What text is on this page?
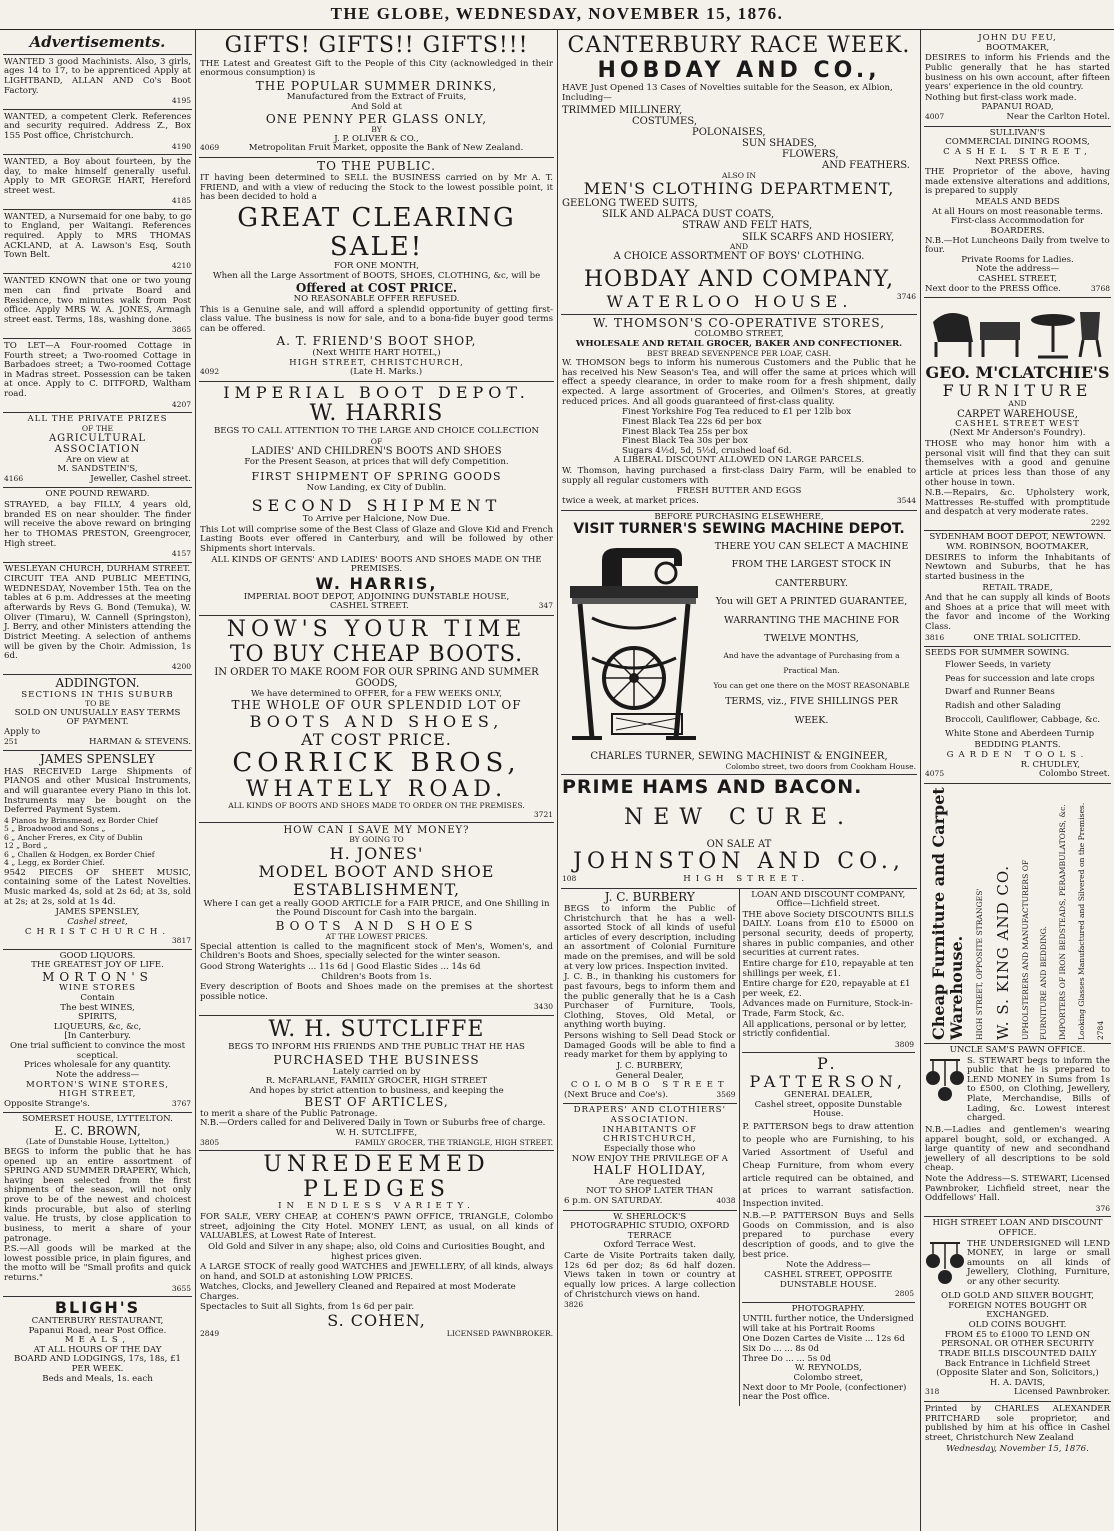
THE GLOBE, WEDNESDAY, NOVEMBER 15, 1876.
Advertisements.

WANTED 3 good Machinists. Also, 3 girls, ages 14 to 17, to be apprenticed Apply at LIGHTBAND, ALLAN AND Co's Boot Factory.

4195

WANTED, a competent Clerk. References and security required. Address Z., Box 155 Post office, Christchurch.

4190

WANTED, a Boy about fourteen, by the day, to make himself generally useful. Apply to MR GEORGE HART, Hereford street west.

4185

WANTED, a Nursemaid for one baby, to go to England, per Waitangi. References required. Apply to MRS THOMAS ACKLAND, at A. Lawson's Esq, South Town Belt.

4210

WANTED KNOWN that one or two young men can find private Board and Residence, two minutes walk from Post office. Apply MRS W. A. JONES, Armagh street east. Terms, 18s, washing done.

3865

TO LET—A Four-roomed Cottage in Fourth street; a Two-roomed Cottage in Barbadoes street; a Two-roomed Cottage in Madras street. Possession can be taken at once. Apply to C. DITFORD, Waltham road.

4207
ALL THE PRIVATE PRIZES
OF THE
AGRICULTURAL ASSOCIATION
Are on view at
M. SANDSTEIN'S,
4166	Jeweller, Cashel street.
ONE POUND REWARD.

STRAYED, a bay FILLY, 4 years old, branded ES on near shoulder. The finder will receive the above reward on bringing her to THOMAS PRESTON, Greengrocer, High street.

4157
WESLEYAN CHURCH, DURHAM STREET.

CIRCUIT TEA AND PUBLIC MEETING, WEDNESDAY, November 15th. Tea on the tables at 6 p.m. Addresses at the meeting afterwards by Revs G. Bond (Temuka), W. Oliver (Timaru), W. Cannell (Springston), J. Berry, and other Ministers attending the District Meeting. A selection of anthems will be given by the Choir. Admission, 1s 6d.

4200
ADDINGTON.
SECTIONS IN THIS SUBURB
TO BE
SOLD ON UNUSUALLY EASY TERMS
OF PAYMENT.
Apply to
251	HARMAN & STEVENS.
JAMES SPENSLEY

HAS RECEIVED Large Shipments of PIANOS and other Musical Instruments, and will guarantee every Piano in this lot. Instruments may be bought on the Deferred Payment System.

4 Pianos by Brinsmead, ex Border Chief
5 „ Broadwood and Sons „
6 „ Ancher Freres, ex City of Dublin
12 „ Bord „
6 „ Challen & Hodgen, ex Border Chief
4 „ Legg, ex Border Chief.

9542 PIECES OF SHEET MUSIC, containing some of the Latest Novelties. Music marked 4s, sold at 2s 6d; at 3s, sold at 2s; at 2s, sold at 1s 4d.

JAMES SPENSLEY,
Cashel street,
CHRISTCHURCH.
3817
GOOD LIQUORS.
THE GREATEST JOY OF LIFE.
MORTON'S
WINE STORES
Contain
The best WINES,
SPIRITS,
LIQUEURS, &c, &c,
[In Canterbury.
One trial sufficient to convince the most sceptical.
Prices wholesale for any quantity.
Note the address—
MORTON'S WINE STORES,
HIGH STREET,
Opposite Strange's.	3767
SOMERSET HOUSE, LYTTELTON.
E. C. BROWN,
(Late of Dunstable House, Lyttelton,)

BEGS to inform the public that he has opened up an entire assortment of SPRING AND SUMMER DRAPERY, Which, having been selected from the first shipments of the season, will not only prove to be of the newest and choicest kinds procurable, but also of sterling value. He trusts, by close application to business, to merit a share of your patronage.

P.S.—All goods will be marked at the lowest possible price, in plain figures, and the motto will be "Small profits and quick returns."

3655
BLIGH'S
CANTERBURY RESTAURANT,
Papanui Road, near Post Office.
MEALS,
AT ALL HOURS OF THE DAY
BOARD AND LODGINGS, 17s, 18s, £1 PER WEEK.
Beds and Meals, 1s. each
GIFTS! GIFTS!! GIFTS!!!

THE Latest and Greatest Gift to the People of this City (acknowledged in their enormous consumption) is

THE POPULAR SUMMER DRINKS,
Manufactured from the Extract of Fruits,
And Sold at
ONE PENNY PER GLASS ONLY,
BY
J. P. OLIVER & CO.,
4069	Metropolitan Fruit Market, opposite the Bank of New Zealand.
TO THE PUBLIC.

IT having been determined to SELL the BUSINESS carried on by Mr A. T. FRIEND, and with a view of reducing the Stock to the lowest possible point, it has been decided to hold a

GREAT CLEARING SALE!
FOR ONE MONTH,
When all the Large Assortment of BOOTS, SHOES, CLOTHING, &c, will be
Offered at COST PRICE.
NO REASONABLE OFFER REFUSED.

This is a Genuine sale, and will afford a splendid opportunity of getting first-class value. The business is now for sale, and to a bona-fide buyer good terms can be offered.

A. T. FRIEND'S BOOT SHOP,
(Next WHITE HART HOTEL,)
HIGH STREET, CHRISTCHURCH,
4092	(Late H. Marks.)
IMPERIAL BOOT DEPOT.
W. HARRIS

BEGS TO CALL ATTENTION TO THE LARGE AND CHOICE COLLECTION

OF
LADIES' AND CHILDREN'S BOOTS AND SHOES
For the Present Season, at prices that will defy Competition.
FIRST SHIPMENT OF SPRING GOODS
Now Landing, ex City of Dublin.
SECOND SHIPMENT
To Arrive per Halcione, Now Due.

This Lot will comprise some of the Best Class of Glaze and Glove Kid and French Lasting Boots ever offered in Canterbury, and will be followed by other Shipments short intervals.

ALL KINDS OF GENTS' AND LADIES' BOOTS AND SHOES MADE ON THE PREMISES.
W. HARRIS,
IMPERIAL BOOT DEPOT, ADJOINING DUNSTABLE HOUSE,
CASHEL STREET.	347
NOW'S YOUR TIME
TO BUY CHEAP BOOTS.
IN ORDER TO MAKE ROOM FOR OUR SPRING AND SUMMER GOODS,
We have determined to OFFER, for a FEW WEEKS ONLY,
THE WHOLE OF OUR SPLENDID LOT OF
BOOTS AND SHOES,
AT COST PRICE.
CORRICK BROS,
WHATELY ROAD.
ALL KINDS OF BOOTS AND SHOES MADE TO ORDER ON THE PREMISES.
3721
HOW CAN I SAVE MY MONEY?
BY GOING TO
H. JONES'
MODEL BOOT AND SHOE
ESTABLISHMENT,

Where I can get a really GOOD ARTICLE for a FAIR PRICE, and One Shilling in the Pound Discount for Cash into the bargain.

BOOTS AND SHOES
AT THE LOWEST PRICES.

Special attention is called to the magnificent stock of Men's, Women's, and Children's Boots and Shoes, specially selected for the winter season.

Good Strong Waterights ... 11s 6d | Good Elastic Sides ... 14s 6d
Children's Boots from 1s.

Every description of Boots and Shoes made on the premises at the shortest possible notice.

3430
W. H. SUTCLIFFE

BEGS TO INFORM HIS FRIENDS AND THE PUBLIC THAT HE HAS

PURCHASED THE BUSINESS
Lately carried on by
R. McFARLANE, FAMILY GROCER, HIGH STREET
And hopes by strict attention to business, and keeping the
BEST OF ARTICLES,
to merit a share of the Public Patronage.
N.B.—Orders called for and Delivered Daily in Town or Suburbs free of charge.
W. H. SUTCLIFFE,
3805	FAMILY GROCER, THE TRIANGLE, HIGH STREET.
UNREDEEMED PLEDGES
IN ENDLESS VARIETY.

FOR SALE, VERY CHEAP, at COHEN'S PAWN OFFICE, TRIANGLE, Colombo street, adjoining the City Hotel. MONEY LENT, as usual, on all kinds of VALUABLES, at Lowest Rate of Interest.

Old Gold and Silver in any shape; also, old Coins and Curiosities Bought, and highest prices given.

A LARGE STOCK of really good WATCHES and JEWELLERY, of all kinds, always on hand, and SOLD at astonishing LOW PRICES.

Watches, Clocks, and Jewellery Cleaned and Repaired at most Moderate Charges.
Spectacles to Suit all Sights, from 1s 6d per pair.
S. COHEN,
2849	LICENSED PAWNBROKER.
CANTERBURY RACE WEEK.
HOBDAY AND CO.,

HAVE Just Opened 13 Cases of Novelties suitable for the Season, ex Albion, Including—

TRIMMED MILLINERY,
COSTUMES,
POLONAISES,
SUN SHADES,
FLOWERS,
AND FEATHERS.
ALSO IN
MEN'S CLOTHING DEPARTMENT,
GEELONG TWEED SUITS,
SILK AND ALPACA DUST COATS,
STRAW AND FELT HATS,
SILK SCARFS AND HOSIERY,
AND
A CHOICE ASSORTMENT OF BOYS' CLOTHING.
HOBDAY AND COMPANY,
WATERLOO HOUSE.	3746
W. THOMSON'S CO-OPERATIVE STORES,
COLOMBO STREET,
WHOLESALE AND RETAIL GROCER, BAKER AND CONFECTIONER.
BEST BREAD SEVENPENCE PER LOAF, CASH.

W. THOMSON begs to inform his numerous Customers and the Public that he has received his New Season's Tea, and will offer the same at prices which will effect a speedy clearance, in order to make room for a fresh shipment, daily expected. A large assortment of Groceries, and Oilmen's Stores, at greatly reduced prices. And all goods guaranteed of first-class quality.

Finest Yorkshire Fog Tea reduced to £1 per 12lb box
Finest Black Tea 22s 6d per box
Finest Black Tea 25s per box
Finest Black Tea 30s per box
Sugars 4½d, 5d, 5½d, crushed loaf 6d.
A LIBERAL DISCOUNT ALLOWED ON LARGE PARCELS.

W. Thomson, having purchased a first-class Dairy Farm, will be enabled to supply all regular customers with

FRESH BUTTER AND EGGS
twice a week, at market prices.	3544
BEFORE PURCHASING ELSEWHERE,
VISIT TURNER'S SEWING MACHINE DEPOT.
THERE YOU CAN SELECT A MACHINE
FROM THE LARGEST STOCK IN
CANTERBURY.
You will GET A PRINTED GUARANTEE,
WARRANTING THE MACHINE FOR
TWELVE MONTHS,
And have the advantage of Purchasing from a
Practical Man.
You can get one there on the MOST REASONABLE
TERMS, viz., FIVE SHILLINGS PER
WEEK.
CHARLES TURNER, SEWING MACHINIST & ENGINEER,
Colombo street, two doors from Cookham House.
PRIME HAMS AND BACON.
NEW CURE.
ON SALE AT
JOHNSTON AND CO.,
108	HIGH STREET.
J. C. BURBERY

BEGS to inform the Public of Christchurch that he has a well-assorted Stock of all kinds of useful articles of every description, including an assortment of Colonial Furniture made on the premises, and will be sold at very low prices. Inspection invited.

J. C. B., in thanking his customers for past favours, begs to inform them and the public generally that he is a Cash Purchaser of Furniture, Tools, Clothing, Stoves, Old Metal, or anything worth buying.

Persons wishing to Sell Dead Stock or Damaged Goods will be able to find a ready market for them by applying to

J. C. BURBERY,
General Dealer,
COLOMBO STREET
(Next Bruce and Coe's).	3569
DRAPERS' AND CLOTHIERS' ASSOCIATION.
INHABITANTS OF CHRISTCHURCH,
Especially those who
NOW ENJOY THE PRIVILEGE OF A
HALF HOLIDAY,
Are requested
NOT TO SHOP LATER THAN
6 p.m. ON SATURDAY.	4038
W. SHERLOCK'S
PHOTOGRAPHIC STUDIO, OXFORD TERRACE
Oxford Terrace West.

Carte de Visite Portraits taken daily, 12s 6d per doz; 8s 6d half dozen. Views taken in town or country at equally low prices. A large collection of Christchurch views on hand.

3826
LOAN AND DISCOUNT COMPANY,
Office—Lichfield street.

THE above Society DISCOUNTS BILLS DAILY. Loans from £10 to £5000 on personal security, deeds of property, shares in public companies, and other securities at current rates.

Entire charge for £10, repayable at ten shillings per week, £1.

Entire charge for £20, repayable at £1 per week, £2.

Advances made on Furniture, Stock-in-Trade, Farm Stock, &c.

All applications, personal or by letter, strictly confidential.

3809
P. PATTERSON,
GENERAL DEALER,
Cashel street, opposite Dunstable House.

P. PATTERSON begs to draw attention to people who are Furnishing, to his Varied Assortment of Useful and Cheap Furniture, from whom every article required can be obtained, and at prices to warrant satisfaction. Inspection invited.

N.B.—P. PATTERSON Buys and Sells Goods on Commission, and is also prepared to purchase every description of goods, and to give the best price.

Note the Address—
CASHEL STREET, OPPOSITE DUNSTABLE HOUSE.
2805
PHOTOGRAPHY.

UNTIL further notice, the Undersigned will take at his Portrait Rooms

One Dozen Cartes de Visite ... 12s 6d
Six Do ... ... 8s 0d
Three Do ... ... 5s 0d
W. REYNOLDS,
Colombo street,
Next door to Mr Poole, (confectioner) near the Post office.
JOHN DU FEU,
BOOTMAKER,

DESIRES to inform his Friends and the Public generally that he has started business on his own account, after fifteen years' experience in the old country.

Nothing but first-class work made.
PAPANUI ROAD,
4007	Near the Carlton Hotel.
SULLIVAN'S
COMMERCIAL DINING ROOMS,
CASHEL STREET,
Next PRESS Office.

THE Proprietor of the above, having made extensive alterations and additions, is prepared to supply

MEALS AND BEDS
At all Hours on most reasonable terms.
First-class Accommodation for BOARDERS.
N.B.—Hot Luncheons Daily from twelve to four.
Private Rooms for Ladies.
Note the address—
CASHEL STREET,
Next door to the PRESS Office.	3768
GEO. M'CLATCHIE'S
FURNITURE
AND
CARPET WAREHOUSE,
CASHEL STREET WEST
(Next Mr Anderson's Foundry).

THOSE who may honor him with a personal visit will find that they can suit themselves with a good and genuine article at prices less than those of any other house in town.

N.B.—Repairs, &c. Upholstery work, Mattresses Re-stuffed with promptitude and despatch at very moderate rates.

2292
SYDENHAM BOOT DEPOT, NEWTOWN.
WM. ROBINSON, BOOTMAKER,

DESIRES to inform the Inhabitants of Newtown and Suburbs, that he has started business in the

RETAIL TRADE,

And that he can supply all kinds of Boots and Shoes at a price that will meet with the favor and income of the Working Class.

3816	ONE TRIAL SOLICITED.
SEEDS FOR SUMMER SOWING.
Flower Seeds, in variety
Peas for succession and late crops
Dwarf and Runner Beans
Radish and other Salading
Broccoli, Cauliflower, Cabbage, &c.
White Stone and Aberdeen Turnip
BEDDING PLANTS.
GARDEN TOOLS.
R. CHUDLEY,
4075	Colombo Street.
Cheap Furniture and Carpet Warehouse. HIGH STREET, OPPOSITE STRANGES' W. S. KING AND CO. UPHOLSTERERS AND MANUFACTURERS OF FURNITURE AND BEDDING. IMPORTERS OF IRON BEDSTEADS, PERAMBULATORS, &c. Looking Glasses Manufactured and Silvered on the Premises. 2784
UNCLE SAM'S PAWN OFFICE.

S. STEWART begs to inform the public that he is prepared to LEND MONEY in Sums from 1s to £500, on Clothing, Jewellery, Plate, Merchandise, Bills of Lading, &c. Lowest interest charged.

N.B.—Ladies and gentlemen's wearing apparel bought, sold, or exchanged. A large quantity of new and secondhand jewellery of all descriptions to be sold cheap.

Note the Address—S. STEWART, Licensed Pawnbroker, Lichfield street, near the Oddfellows' Hall.

376
HIGH STREET LOAN AND DISCOUNT OFFICE.

THE UNDERSIGNED will LEND MONEY, in large or small amounts on all kinds of Jewellery, Clothing, Furniture, or any other security.

OLD GOLD AND SILVER BOUGHT, FOREIGN NOTES BOUGHT OR EXCHANGED.
OLD COINS BOUGHT.
FROM £5 to £1000 TO LEND ON PERSONAL OR OTHER SECURITY
TRADE BILLS DISCOUNTED DAILY
Back Entrance in Lichfield Street
(Opposite Slater and Son, Solicitors,)
H. A. DAVIS,
318	Licensed Pawnbroker.

Printed by CHARLES ALEXANDER PRITCHARD sole proprietor, and published by him at his office in Cashel street, Christchurch New Zealand

Wednesday, November 15, 1876.
